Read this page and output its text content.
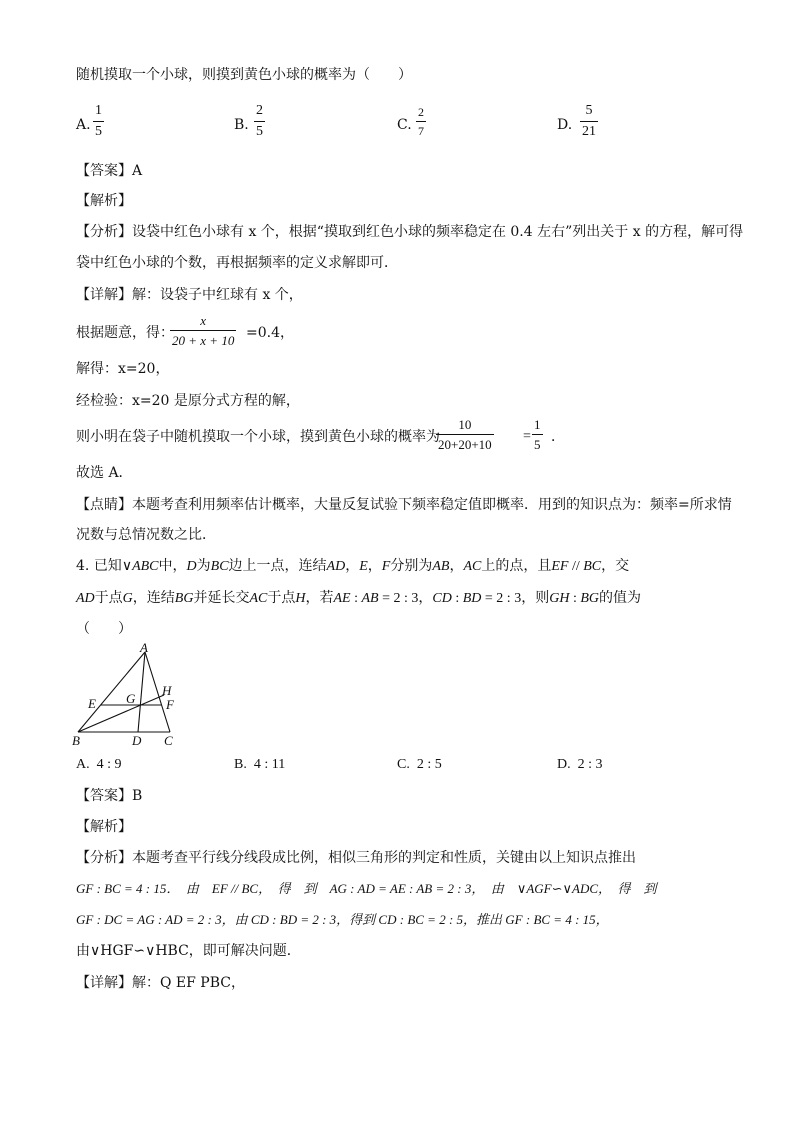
随机摸取一个小球，则摸到黄色小球的概率为（　　）
A.
1
5	B.
2
5	C.
2
7	D.
5
21
【答案】A
【解析】
【分析】设袋中红色小球有 x 个，根据“摸取到红色小球的频率稳定在 0.4 左右”列出关于 x 的方程，解可得
袋中红色小球的个数，再根据频率的定义求解即可．
【详解】解：设袋子中红球有 x 个，
根据题意，得：
x
20 + x + 10 =0.4，
解得：x=20，
经检验：x=20 是原分式方程的解，
则小明在袋子中随机摸取一个小球，摸到黄色小球的概率为
10
20+20+10
=
1
5 ．
故选 A．
【点睛】本题考查利用频率估计概率，大量反复试验下频率稳定值即概率．用到的知识点为：频率=所求情
况数与总情况数之比．
4. 已知∨ABC中，D为BC边上一点，连结AD，E，F分别为AB，AC上的点，且EF // BC，交
AD于点G，连结BG并延长交AC于点H，若AE : AB = 2 : 3，CD : BD = 2 : 3，则GH : BG的值为
（　　）
A
B	C
D
E	F
G
H
A. 4 : 9	B. 4 : 11	C. 2 : 5	D. 2 : 3
【答案】B
【解析】
【分析】本题考查平行线分线段成比例，相似三角形的判定和性质，关键由以上知识点推出
GF : BC = 4 : 15．　由　EF // BC，　得　到　AG : AD = AE : AB = 2 : 3，　由　∨AGF∽∨ADC，　得　到
GF : DC = AG : AD = 2 : 3，由 CD : BD = 2 : 3，得到 CD : BC = 2 : 5，推出 GF : BC = 4 : 15，
由∨HGF∽∨HBC，即可解决问题．
【详解】解：Q EF PBC，
